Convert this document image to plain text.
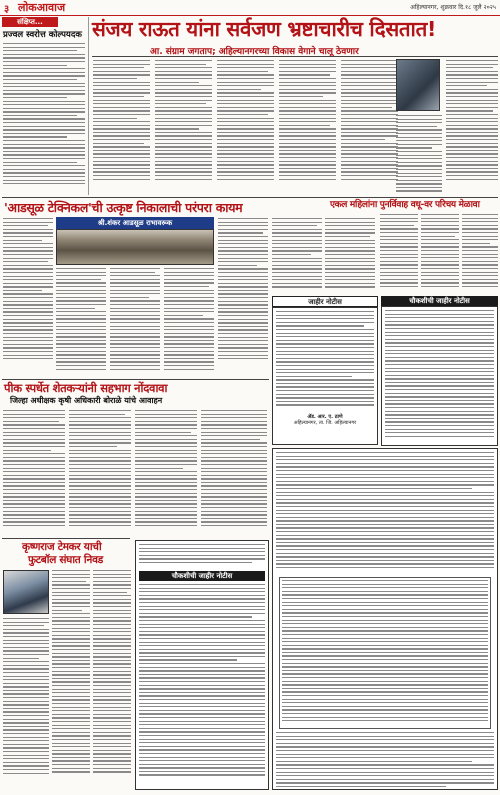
३ लोकआवाज	अहिल्यानगर, शुक्रवार दि.१८ जुलै २०२५
संक्षिप्त...
प्रज्वल स्वरोत्त कोल्पयदक संजय राऊत यांना सर्वजण भ्रष्टाचारीच दिसतात!
आ. संग्राम जगताप; अहिल्यानगरच्या विकास वेगाने चालू ठेवणार
'आडसूळ टेक्निकल'ची उत्कृष्ट निकालाची परंपरा कायम
श्री.शंकर आडसूळ राभावरूक
एकल महिलांना पुनर्विवाह वधू-वर परिचय मेळावा
जाहीर नोटीस
ॲड. आर. ए. ठाणे
अहिल्यानगर, ता. जि. अहिल्यानगर
चौकशीची जाहीर नोटीस
पीक स्पर्धेत शेतकऱ्यांनी सहभाग नोंदवावा
जिल्हा अधीक्षक कृषी अधिकारी बोराळे यांचे आवाहन
कृष्णराज टेमकर याची
फुटबॉल संघात निवड
चौकशीची जाहीर नोटीस
